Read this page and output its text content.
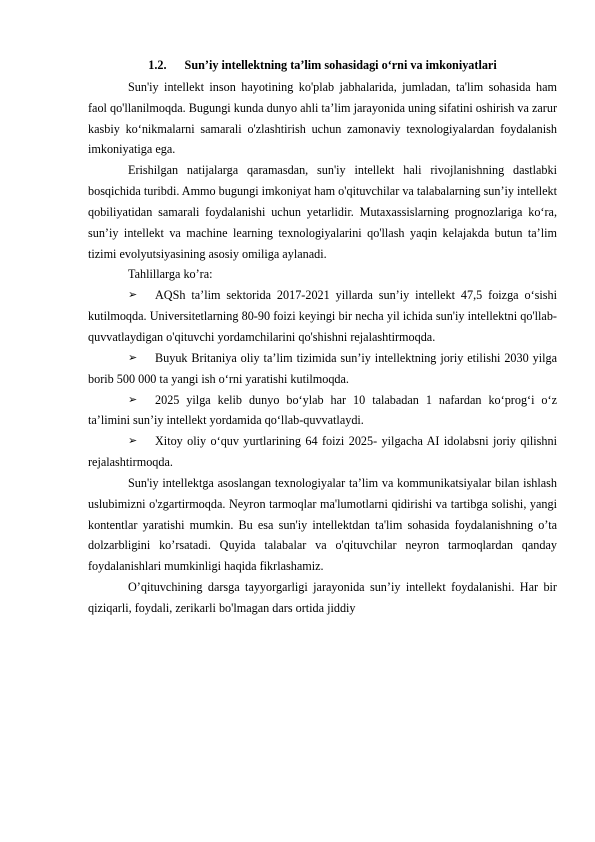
1.2. Sun’iy intellektning ta’lim sohasidagi o‘rni va imkoniyatlari

Sun'iy intellekt inson hayotining ko'plab jabhalarida, jumladan, ta'lim sohasida ham faol qo'llanilmoqda. Bugungi kunda dunyo ahli ta’lim jarayonida uning sifatini oshirish va zarur kasbiy ko‘nikmalarni samarali o'zlashtirish uchun zamonaviy texnologiyalardan foydalanish imkoniyatiga ega.

Erishilgan natijalarga qaramasdan, sun'iy intellekt hali rivojlanishning dastlabki bosqichida turibdi. Ammo bugungi imkoniyat ham o'qituvchilar va talabalarning sun’iy intellekt qobiliyatidan samarali foydalanishi uchun yetarlidir. Mutaxassislarning prognozlariga ko‘ra, sun’iy intellekt va machine learning texnologiyalarini qo'llash yaqin kelajakda butun ta’lim tizimi evolyutsiyasining asosiy omiliga aylanadi.

Tahlillarga ko’ra:

➢	AQSh ta’lim sektorida 2017-2021 yillarda sun’iy intellekt 47,5 foizga o‘sishi kutilmoqda. Universitetlarning 80-90 foizi keyingi bir necha yil ichida sun'iy intellektni qo'llab- quvvatlaydigan o'qituvchi yordamchilarini qo'shishni rejalashtirmoqda.
➢	Buyuk Britaniya oliy ta’lim tizimida sun’iy intellektning joriy etilishi 2030 yilga borib 500 000 ta yangi ish o‘rni yaratishi kutilmoqda.
➢	2025 yilga kelib dunyo bo‘ylab har 10 talabadan 1 nafardan ko‘prog‘i o‘z ta’limini sun’iy intellekt yordamida qo‘llab-quvvatlaydi.
➢	Xitoy oliy o‘quv yurtlarining 64 foizi 2025- yilgacha AI idolabsni joriy qilishni rejalashtirmoqda.

Sun'iy intellektga asoslangan texnologiyalar ta’lim va kommunikatsiyalar bilan ishlash uslubimizni o'zgartirmoqda. Neyron tarmoqlar ma'lumotlarni qidirishi va tartibga solishi, yangi kontentlar yaratishi mumkin. Bu esa sun'iy intellektdan ta'lim sohasida foydalanishning o’ta dolzarbligini ko’rsatadi. Quyida talabalar va o'qituvchilar neyron tarmoqlardan qanday foydalanishlari mumkinligi haqida fikrlashamiz.

O’qituvchining darsga tayyorgarligi jarayonida sun’iy intellekt foydalanishi. Har bir qiziqarli, foydali, zerikarli bo'lmagan dars ortida jiddiy
